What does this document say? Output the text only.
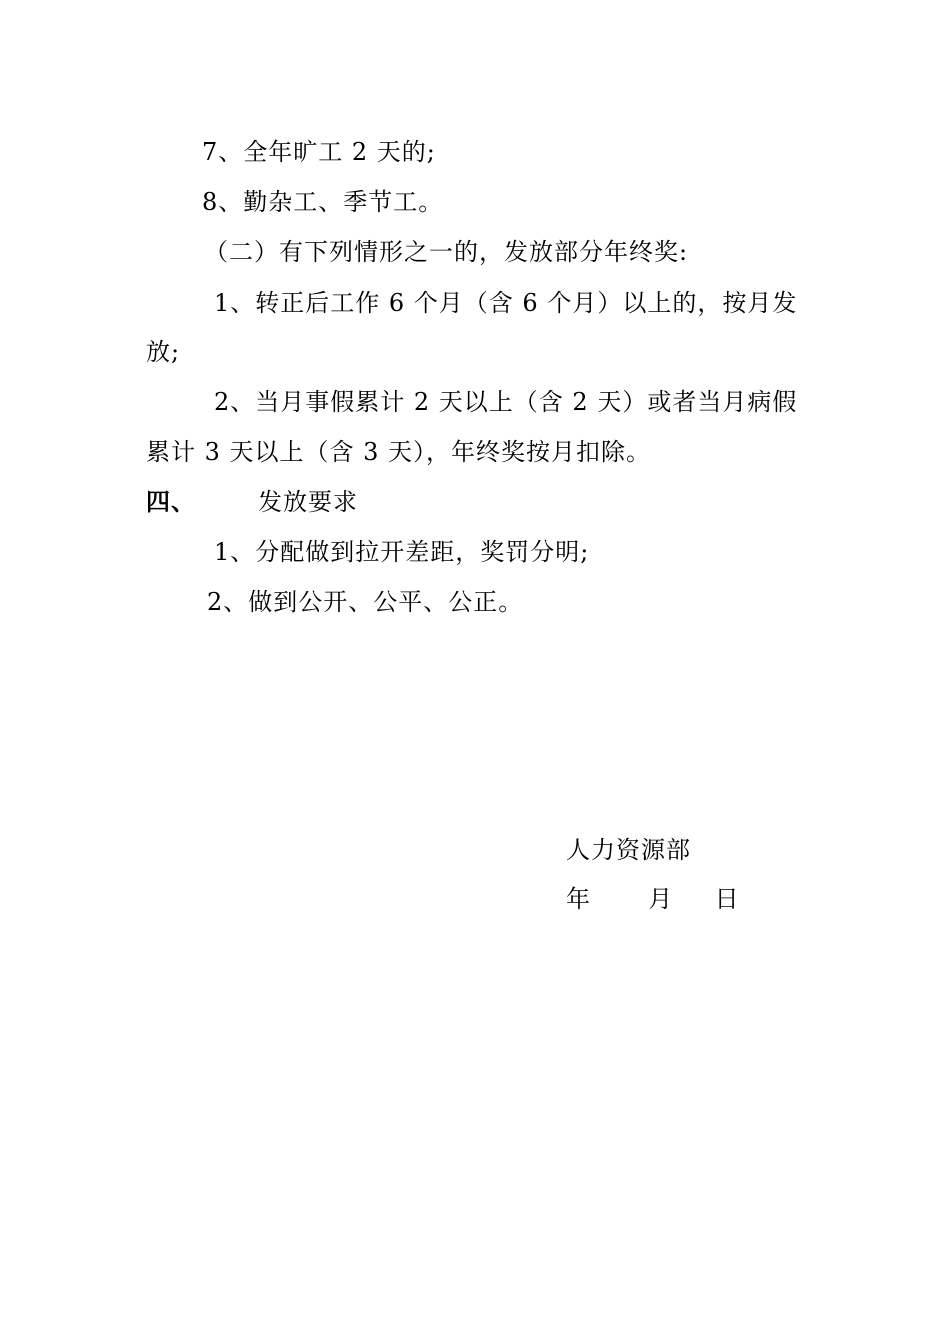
7、全年旷工 2 天的;
8、勤杂工、季节工。
（二）有下列情形之一的，发放部分年终奖:
1、转正后工作 6 个月（含 6 个月）以上的，按月发
放;
2、当月事假累计 2 天以上（含 2 天）或者当月病假
累计 3 天以上（含 3 天），年终奖按月扣除。
四、	发放要求
1、分配做到拉开差距，奖罚分明;
2、做到公开、公平、公正。
人力资源部
年 月 日
